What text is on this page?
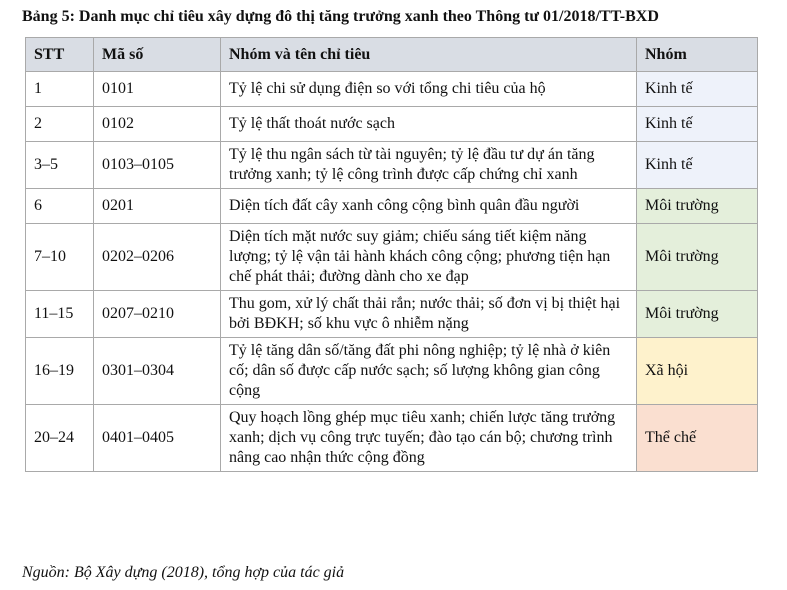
Bảng 5: Danh mục chỉ tiêu xây dựng đô thị tăng trưởng xanh theo Thông tư 01/2018/TT-BXD
STT	Mã số	Nhóm và tên chỉ tiêu	Nhóm
1	0101	Tỷ lệ chi sử dụng điện so với tổng chi tiêu của hộ	Kinh tế
2	0102	Tỷ lệ thất thoát nước sạch	Kinh tế
3–5	0103–0105	Tỷ lệ thu ngân sách từ tài nguyên; tỷ lệ đầu tư dự án tăng trưởng xanh; tỷ lệ công trình được cấp chứng chỉ xanh	Kinh tế
6	0201	Diện tích đất cây xanh công cộng bình quân đầu người	Môi trường
7–10	0202–0206	Diện tích mặt nước suy giảm; chiếu sáng tiết kiệm năng lượng; tỷ lệ vận tải hành khách công cộng; phương tiện hạn chế phát thải; đường dành cho xe đạp	Môi trường
11–15	0207–0210	Thu gom, xử lý chất thải rắn; nước thải; số đơn vị bị thiệt hại bởi BĐKH; số khu vực ô nhiễm nặng	Môi trường
16–19	0301–0304	Tỷ lệ tăng dân số/tăng đất phi nông nghiệp; tỷ lệ nhà ở kiên cố; dân số được cấp nước sạch; số lượng không gian công cộng	Xã hội
20–24	0401–0405	Quy hoạch lồng ghép mục tiêu xanh; chiến lược tăng trưởng xanh; dịch vụ công trực tuyến; đào tạo cán bộ; chương trình nâng cao nhận thức cộng đồng	Thể chế
Nguồn: Bộ Xây dựng (2018), tổng hợp của tác giả
